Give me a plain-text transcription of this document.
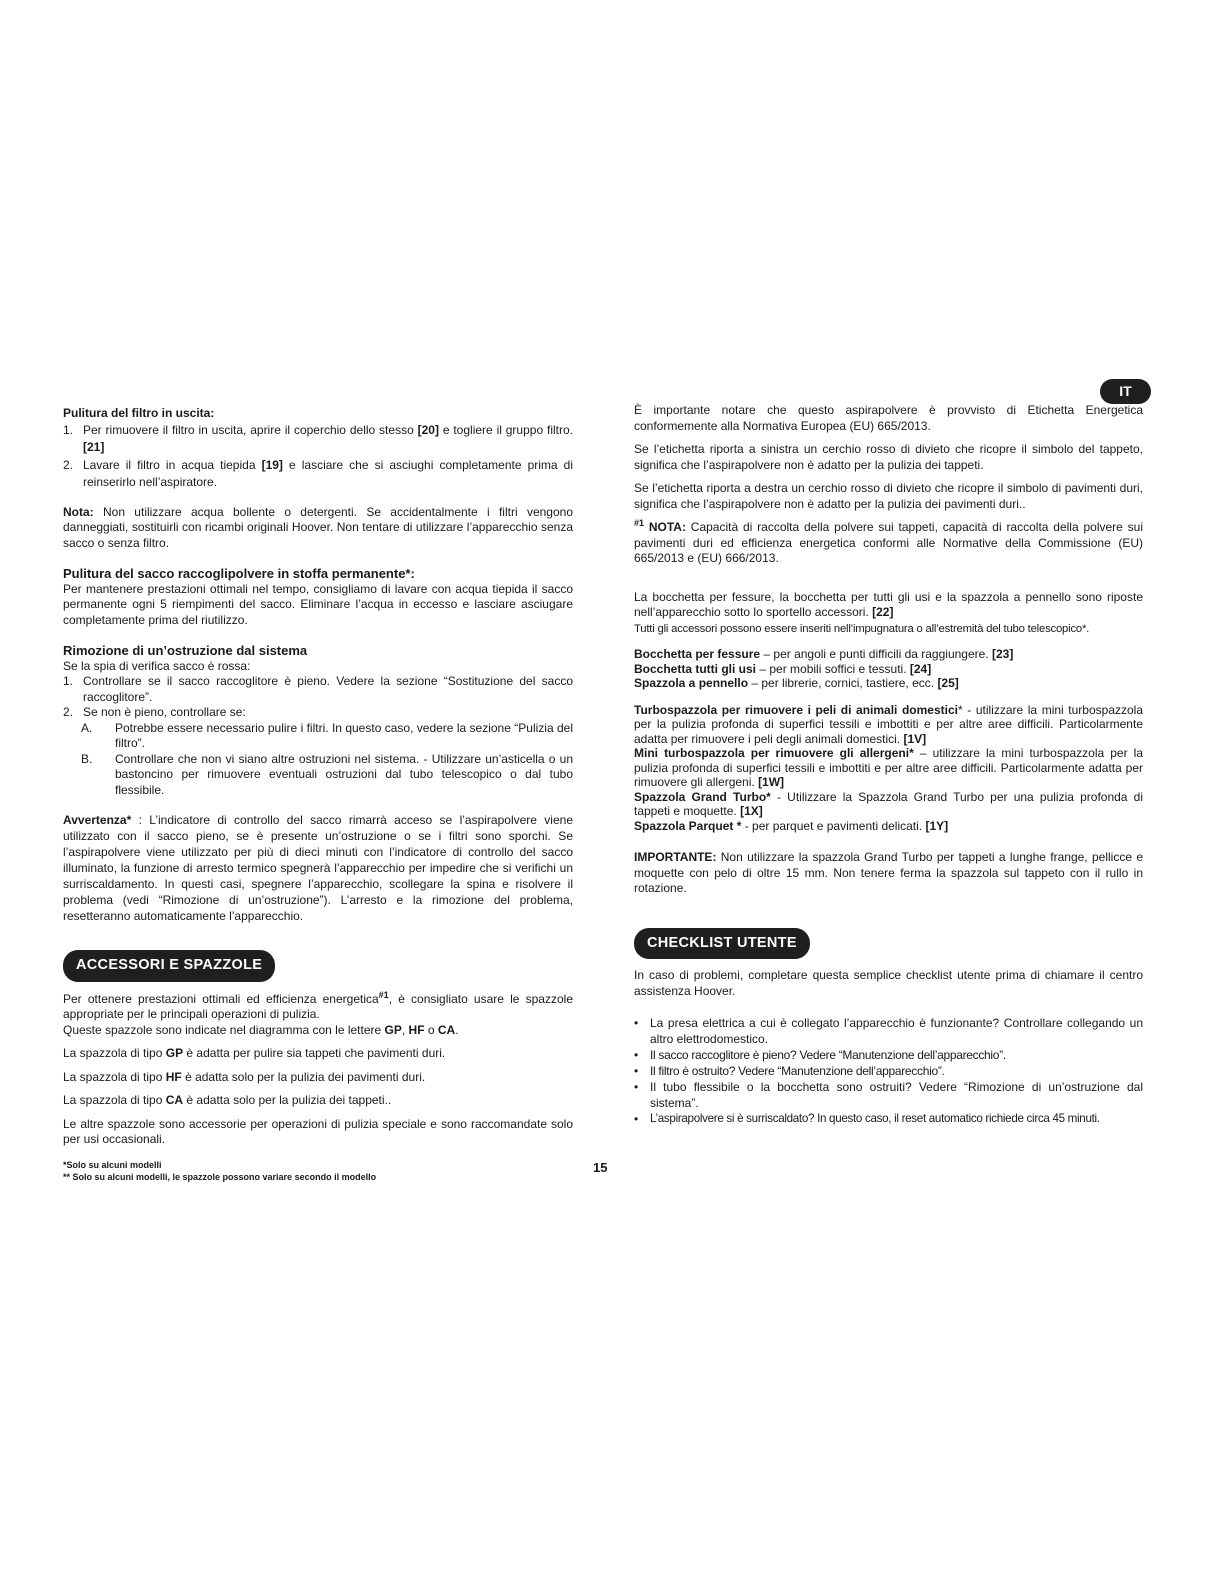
IT

Pulitura del filtro in uscita:

1. Per rimuovere il filtro in uscita, aprire il coperchio dello stesso [20] e togliere il gruppo filtro. [21]
2. Lavare il filtro in acqua tiepida [19] e lasciare che si asciughi completamente prima di reinserirlo nell’aspiratore.

Nota: Non utilizzare acqua bollente o detergenti. Se accidentalmente i filtri vengono danneggiati, sostituirli con ricambi originali Hoover. Non tentare di utilizzare l’apparecchio senza sacco o senza filtro.

Pulitura del sacco raccoglipolvere in stoffa permanente*:

Per mantenere prestazioni ottimali nel tempo, consigliamo di lavare con acqua tiepida il sacco permanente ogni 5 riempimenti del sacco. Eliminare l’acqua in eccesso e lasciare asciugare completamente prima del riutilizzo.

Rimozione di un’ostruzione dal sistema

Se la spia di verifica sacco è rossa:

1. Controllare se il sacco raccoglitore è pieno. Vedere la sezione “Sostituzione del sacco raccoglitore”.
2. Se non è pieno, controllare se:
A.	Potrebbe essere necessario pulire i filtri. In questo caso, vedere la sezione “Pulizia del filtro”.
B.	Controllare che non vi siano altre ostruzioni nel sistema. - Utilizzare un’asticella o un bastoncino per rimuovere eventuali ostruzioni dal tubo telescopico o dal tubo flessibile.

Avvertenza* : L’indicatore di controllo del sacco rimarrà acceso se l’aspirapolvere viene utilizzato con il sacco pieno, se è presente un’ostruzione o se i filtri sono sporchi. Se l’aspirapolvere viene utilizzato per più di dieci minuti con l’indicatore di controllo del sacco illuminato, la funzione di arresto termico spegnerà l’apparecchio per impedire che si verifichi un surriscaldamento. In questi casi, spegnere l’apparecchio, scollegare la spina e risolvere il problema (vedi “Rimozione di un’ostruzione”). L’arresto e la rimozione del problema, resetteranno automaticamente l’apparecchio.

ACCESSORI E SPAZZOLE

Per ottenere prestazioni ottimali ed efficienza energetica$^{\#1}$, è consigliato usare le spazzole appropriate per le principali operazioni di pulizia.
Queste spazzole sono indicate nel diagramma con le lettere GP, HF o CA.

La spazzola di tipo GP è adatta per pulire sia tappeti che pavimenti duri.

La spazzola di tipo HF è adatta solo per la pulizia dei pavimenti duri.

La spazzola di tipo CA è adatta solo per la pulizia dei tappeti..

Le altre spazzole sono accessorie per operazioni di pulizia speciale e sono raccomandate solo per usi occasionali.

*Solo su alcuni modelli
** Solo su alcuni modelli, le spazzole possono variare secondo il modello
15

È importante notare che questo aspirapolvere è provvisto di Etichetta Energetica conformemente alla Normativa Europea (EU) 665/2013.

Se l’etichetta riporta a sinistra un cerchio rosso di divieto che ricopre il simbolo del tappeto, significa che l’aspirapolvere non è adatto per la pulizia dei tappeti.

Se l’etichetta riporta a destra un cerchio rosso di divieto che ricopre il simbolo di pavimenti duri, significa che l’aspirapolvere non è adatto per la pulizia dei pavimenti duri..

$^{\#1}$ NOTA: Capacità di raccolta della polvere sui tappeti, capacità di raccolta della polvere sui pavimenti duri ed efficienza energetica conformi alle Normative della Commissione (EU) 665/2013 e (EU) 666/2013.

La bocchetta per fessure, la bocchetta per tutti gli usi e la spazzola a pennello sono riposte nell’apparecchio sotto lo sportello accessori. [22]
Tutti gli accessori possono essere inseriti nell’impugnatura o all’estremità del tubo telescopico*.

Bocchetta per fessure – per angoli e punti difficili da raggiungere. [23]

Bocchetta tutti gli usi – per mobili soffici e tessuti. [24]

Spazzola a pennello – per librerie, cornici, tastiere, ecc. [25]

Turbospazzola per rimuovere i peli di animali domestici* - utilizzare la mini turbospazzola per la pulizia profonda di superfici tessili e imbottiti e per altre aree difficili. Particolarmente adatta per rimuovere i peli degli animali domestici. [1V]

Mini turbospazzola per rimuovere gli allergeni* – utilizzare la mini turbospazzola per la pulizia profonda di superfici tessili e imbottiti e per altre aree difficili. Particolarmente adatta per rimuovere gli allergeni. [1W]

Spazzola Grand Turbo* - Utilizzare la Spazzola Grand Turbo per una pulizia profonda di tappeti e moquette. [1X]

Spazzola Parquet * - per parquet e pavimenti delicati. [1Y]

IMPORTANTE: Non utilizzare la spazzola Grand Turbo per tappeti a lunghe frange, pellicce e moquette con pelo di oltre 15 mm. Non tenere ferma la spazzola sul tappeto con il rullo in rotazione.

CHECKLIST UTENTE

In caso di problemi, completare questa semplice checklist utente prima di chiamare il centro assistenza Hoover.

• La presa elettrica a cui è collegato l’apparecchio è funzionante? Controllare collegando un altro elettrodomestico.
• Il sacco raccoglitore è pieno? Vedere “Manutenzione dell’apparecchio”.
• Il filtro è ostruito? Vedere “Manutenzione dell’apparecchio”.
• Il tubo flessibile o la bocchetta sono ostruiti? Vedere “Rimozione di un’ostruzione dal sistema”.
•	L’aspirapolvere si è surriscaldato? In questo caso, il reset automatico richiede circa 45 minuti.
